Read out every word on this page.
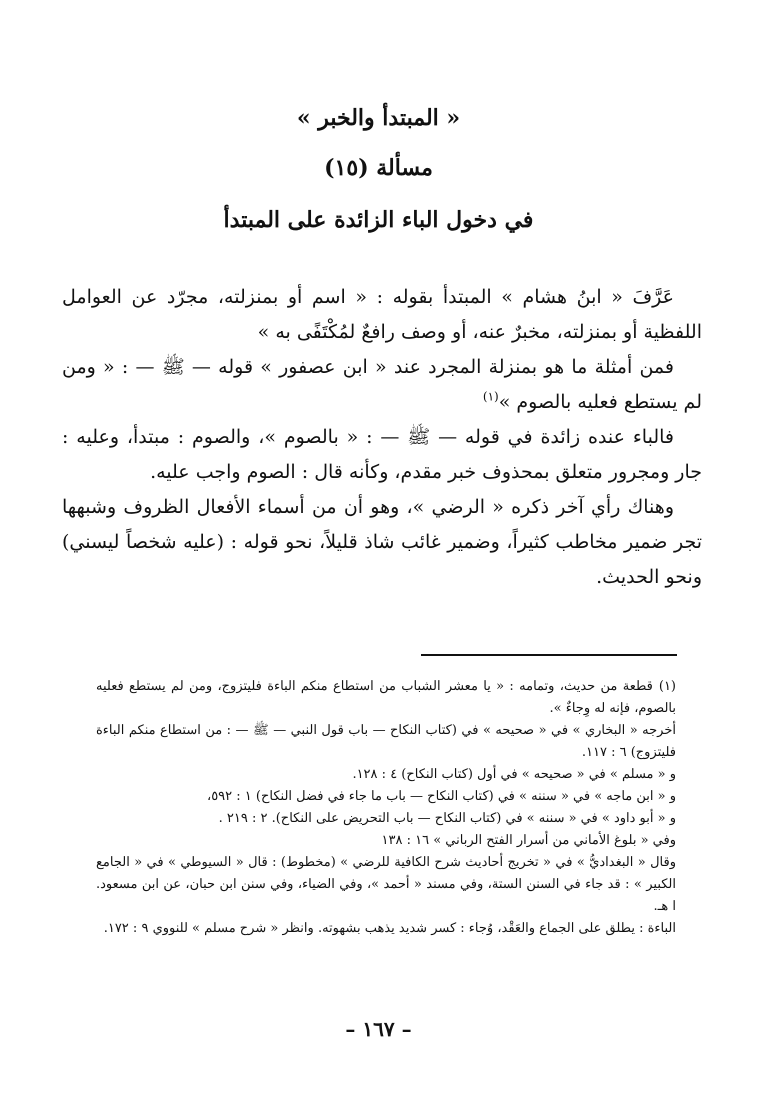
« المبتدأ والخبر »
مسألة (١٥)
في دخول الباء الزائدة على المبتدأ

عَرَّفَ « ابنُ هشام » المبتدأ بقوله : « اسم أو بمنزلته، مجرّد عن العوامل اللفظية أو بمنزلته، مخبرٌ عنه، أو وصف رافعٌ لمُكْتَفًى به »

فمن أمثلة ما هو بمنزلة المجرد عند « ابن عصفور » قوله — ﷺ — : « ومن لم يستطع فعليه بالصوم »$^{(١)}$

فالباء عنده زائدة في قوله — ﷺ — : « بالصوم »، والصوم : مبتدأ، وعليه : جار ومجرور متعلق بمحذوف خبر مقدم، وكأنه قال : الصوم واجب عليه.

وهناك رأي آخر ذكره « الرضي »، وهو أن من أسماء الأفعال الظروف وشبهها تجر ضمير مخاطب كثيراً، وضمير غائب شاذ قليلاً، نحو قوله : (عليه شخصاً ليسني) ونحو الحديث.

(١)قطعة من حديث، وتمامه : « يا معشر الشباب من استطاع منكم الباءة فليتزوج، ومن لم يستطع فعليه بالصوم، فإنه له وِجاءٌ ».

أخرجه « البخاري » في « صحيحه » في (كتاب النكاح — باب قول النبي — ﷺ — : من استطاع منكم الباءة فليتزوج) ٦ : ١١٧.

و « مسلم » في « صحيحه » في أول (كتاب النكاح) ٤ : ١٢٨.

و « ابن ماجه » في « سننه » في (كتاب النكاح — باب ما جاء في فضل النكاح) ١ : ٥٩٢،

و « أبو داود » في « سننه » في (كتاب النكاح — باب التحريض على النكاح). ٢ : ٢١٩ .

وفي « بلوغ الأماني من أسرار الفتح الرباني » ١٦ : ١٣٨

وقال « البغداديُّ » في « تخريج أحاديث شرح الكافية للرضي » (مخطوط) : قال « السيوطي » في « الجامع الكبير » : قد جاء في السنن الستة، وفي مسند « أحمد »، وفي الضياء، وفي سنن ابن حبان، عن ابن مسعود. ا هـ.

الباءة : يطلق على الجماع والعَقْد، وُجاء : كسر شديد يذهب بشهوته. وانظر « شرح مسلم » للنووي ٩ : ١٧٢.

– ١٦٧ –
